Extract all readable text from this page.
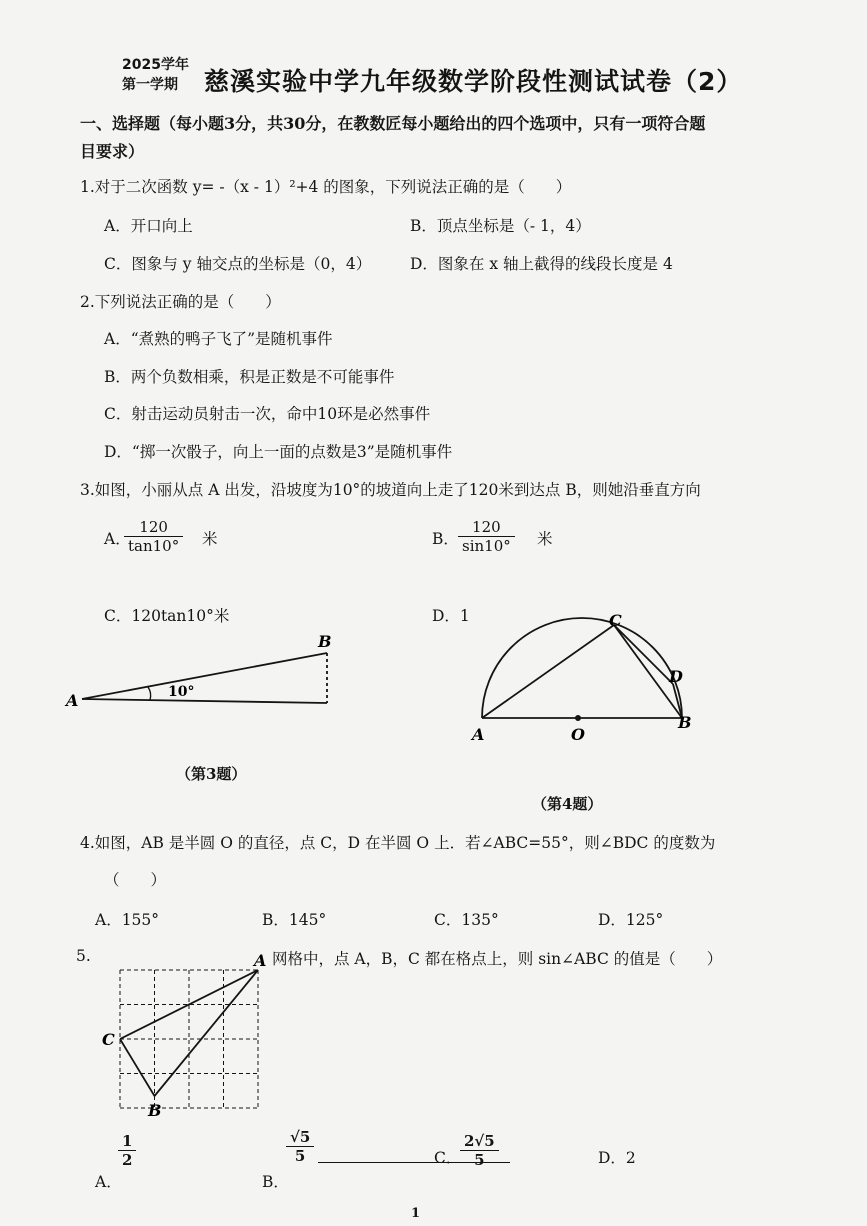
2025学年
第一学期 慈溪实验中学九年级数学阶段性测试试卷（2）
一、选择题（每小题3分，共30分，在教数匠每小题给出的四个选项中，只有一项符合题
目要求）
1.对于二次函数 y= -（x - 1）²+4 的图象，下列说法正确的是（　　）
A．开口向上	B．顶点坐标是（- 1，4）
C．图象与 y 轴交点的坐标是（0，4）	D．图象在 x 轴上截得的线段长度是 4
2.下列说法正确的是（　　）
A．“煮熟的鸭子飞了”是随机事件
B．两个负数相乘，积是正数是不可能事件
C．射击运动员射击一次，命中10环是必然事件
D．“掷一次骰子，向上一面的点数是3”是随机事件
3.如图，小丽从点 A 出发，沿坡度为10°的坡道向上走了120米到达点 B，则她沿垂直方向
A．
$\frac{120}{\tan 10^\circ}$ 米	B． $\frac{120}{\sin 10^\circ}$ 米
C．120tan10°米	D．1
A
B
10°
（第3题）
A	O
B
C
D
（第4题）
4.如图，AB 是半圆 O 的直径，点 C，D 在半圆 O 上．若∠ABC=55°，则∠BDC 的度数为
（　　）
A．155°	B．145°	C．135°	D．125°
5.	网格中，点 A，B，C 都在格点上，则 sin∠ABC 的值是（　　）
A
C
B
A．
$\frac{1}{2}$
B．
$\frac{√5}{5}$	C．
$\frac{2√5}{5}$	D．2
1
